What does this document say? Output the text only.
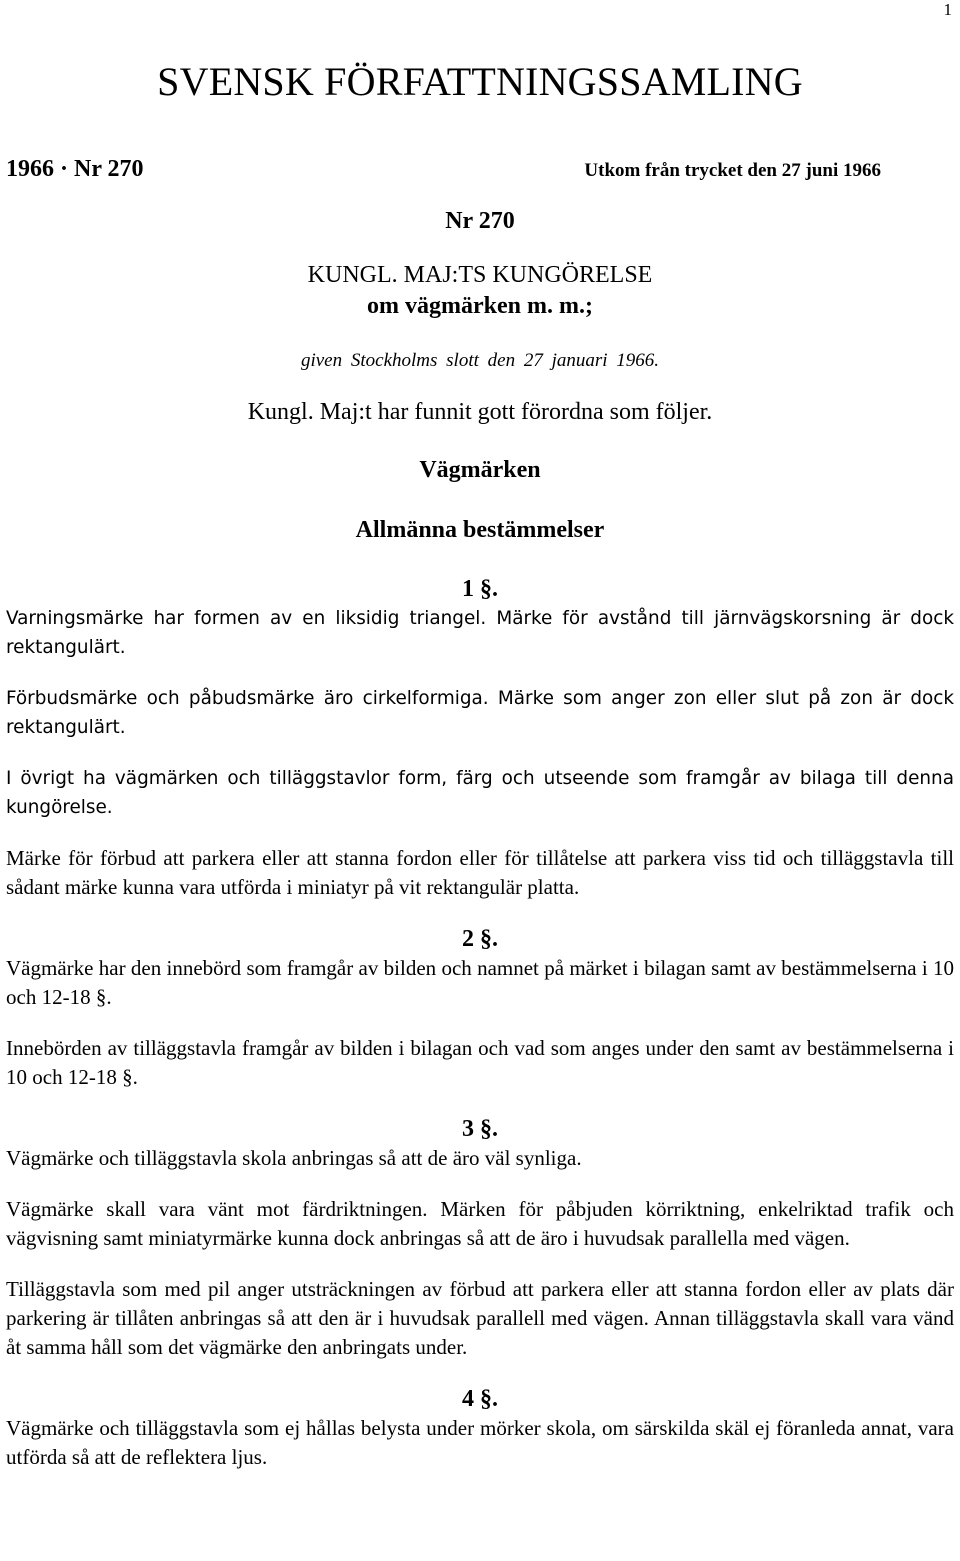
1
SVENSK FÖRFATTNINGSSAMLING
1966 · Nr 270	Utkom från trycket den 27 juni 1966
Nr 270
KUNGL. MAJ:TS KUNGÖRELSE
om vägmärken m. m.;
given Stockholms slott den 27 januari 1966.
Kungl. Maj:t har funnit gott förordna som följer.
Vägmärken
Allmänna bestämmelser

1 §.

Varningsmärke har formen av en liksidig triangel. Märke för avstånd till järnvägskorsning är dock rektangulärt.

Förbudsmärke och påbudsmärke äro cirkelformiga. Märke som anger zon eller slut på zon är dock rektangulärt.

I övrigt ha vägmärken och tilläggstavlor form, färg och utseende som framgår av bilaga till denna kungörelse.

Märke för förbud att parkera eller att stanna fordon eller för tillåtelse att parkera viss tid och tilläggstavla till sådant märke kunna vara utförda i miniatyr på vit rektangulär platta.

2 §.

Vägmärke har den innebörd som framgår av bilden och namnet på märket i bilagan samt av bestämmelserna i 10 och 12-18 §.

Innebörden av tilläggstavla framgår av bilden i bilagan och vad som anges under den samt av bestämmelserna i 10 och 12-18 §.

3 §.

Vägmärke och tilläggstavla skola anbringas så att de äro väl synliga.

Vägmärke skall vara vänt mot färdriktningen. Märken för påbjuden körriktning, enkelriktad trafik och vägvisning samt miniatyrmärke kunna dock anbringas så att de äro i huvudsak parallella med vägen.

Tilläggstavla som med pil anger utsträckningen av förbud att parkera eller att stanna fordon eller av plats där parkering är tillåten anbringas så att den är i huvudsak parallell med vägen. Annan tilläggstavla skall vara vänd åt samma håll som det vägmärke den anbringats under.

4 §.

Vägmärke och tilläggstavla som ej hållas belysta under mörker skola, om särskilda skäl ej föranleda annat, vara utförda så att de reflektera ljus.
